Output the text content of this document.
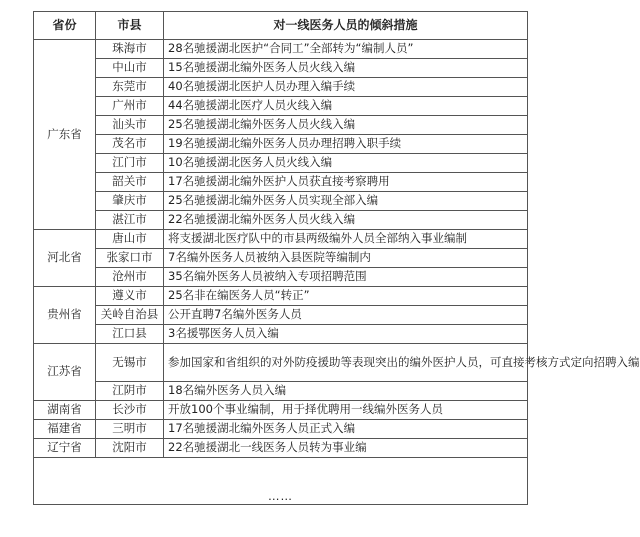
省份	市县	对一线医务人员的倾斜措施
广东省	珠海市	28名驰援湖北医护“合同工”全部转为“编制人员”
	中山市	15名驰援湖北编外医务人员火线入编
	东莞市	40名驰援湖北医护人员办理入编手续
	广州市	44名驰援湖北医疗人员火线入编
	汕头市	25名驰援湖北编外医务人员火线入编
	茂名市	19名驰援湖北编外医务人员办理招聘入职手续
	江门市	10名驰援湖北医务人员火线入编
	韶关市	17名驰援湖北编外医护人员获直接考察聘用
	肇庆市	25名驰援湖北编外医务人员实现全部入编
	湛江市	22名驰援湖北编外医务人员火线入编
河北省	唐山市	将支援湖北医疗队中的市县两级编外人员全部纳入事业编制
	张家口市	7名编外医务人员被纳入县医院等编制内
	沧州市	35名编外医务人员被纳入专项招聘范围
贵州省	遵义市	25名非在编医务人员“转正”
	关岭自治县	公开直聘7名编外医务人员
	江口县	3名援鄂医务人员入编
江苏省	无锡市	参加国家和省组织的对外防疫援助等表现突出的编外医护人员，可直接考核方式定向招聘入编
	江阴市	18名编外医务人员入编
湖南省	长沙市	开放100个事业编制，用于择优聘用一线编外医务人员
福建省	三明市	17名驰援湖北编外医务人员正式入编
辽宁省	沈阳市	22名驰援湖北一线医务人员转为事业编
……		
